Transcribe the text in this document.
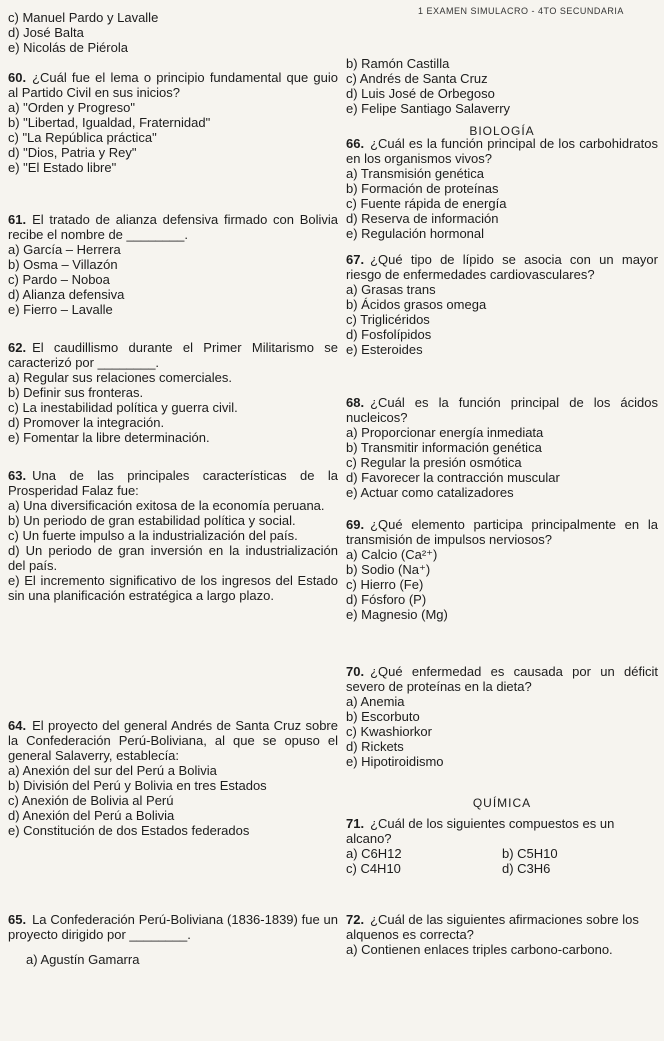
1 EXAMEN SIMULACRO - 4TO SECUNDARIA
c) Manuel Pardo y Lavalle
d) José Balta
e) Nicolás de Piérola
60. ¿Cuál fue el lema o principio fundamental que guio al Partido Civil en sus inicios?
a) "Orden y Progreso"
b) "Libertad, Igualdad, Fraternidad"
c) "La República práctica"
d) "Dios, Patria y Rey"
e) "El Estado libre"
61. El tratado de alianza defensiva firmado con Bolivia recibe el nombre de ________.
a) García – Herrera
b) Osma – Villazón
c) Pardo – Noboa
d) Alianza defensiva
e) Fierro – Lavalle
62. El caudillismo durante el Primer Militarismo se caracterizó por ________.
a) Regular sus relaciones comerciales.
b) Definir sus fronteras.
c) La inestabilidad política y guerra civil.
d) Promover la integración.
e) Fomentar la libre determinación.
63. Una de las principales características de la Prosperidad Falaz fue:
a) Una diversificación exitosa de la economía peruana.
b) Un periodo de gran estabilidad política y social.
c) Un fuerte impulso a la industrialización del país.
d) Un periodo de gran inversión en la industrialización del país.
e) El incremento significativo de los ingresos del Estado sin una planificación estratégica a largo plazo.
64. El proyecto del general Andrés de Santa Cruz sobre la Confederación Perú-Boliviana, al que se opuso el general Salaverry, establecía:
a) Anexión del sur del Perú a Bolivia
b) División del Perú y Bolivia en tres Estados
c) Anexión de Bolivia al Perú
d) Anexión del Perú a Bolivia
e) Constitución de dos Estados federados
65. La Confederación Perú-Boliviana (1836-1839) fue un proyecto dirigido por ________.
a) Agustín Gamarra
b) Ramón Castilla
c) Andrés de Santa Cruz
d) Luis José de Orbegoso
e) Felipe Santiago Salaverry
BIOLOGÍA
66. ¿Cuál es la función principal de los carbohidratos en los organismos vivos?
a) Transmisión genética
b) Formación de proteínas
c) Fuente rápida de energía
d) Reserva de información
e) Regulación hormonal
67. ¿Qué tipo de lípido se asocia con un mayor riesgo de enfermedades cardiovasculares?
a) Grasas trans
b) Ácidos grasos omega
c) Triglicéridos
d) Fosfolípidos
e) Esteroides
68. ¿Cuál es la función principal de los ácidos nucleicos?
a) Proporcionar energía inmediata
b) Transmitir información genética
c) Regular la presión osmótica
d) Favorecer la contracción muscular
e) Actuar como catalizadores
69. ¿Qué elemento participa principalmente en la transmisión de impulsos nerviosos?
a) Calcio (Ca²⁺)
b) Sodio (Na⁺)
c) Hierro (Fe)
d) Fósforo (P)
e) Magnesio (Mg)
70. ¿Qué enfermedad es causada por un déficit severo de proteínas en la dieta?
a) Anemia
b) Escorbuto
c) Kwashiorkor
d) Rickets
e) Hipotiroidismo
QUÍMICA
71. ¿Cuál de los siguientes compuestos es un alcano?
a) C6H12	b) C5H10
c) C4H10	d) C3H6
72. ¿Cuál de las siguientes afirmaciones sobre los alquenos es correcta?
a) Contienen enlaces triples carbono-carbono.
